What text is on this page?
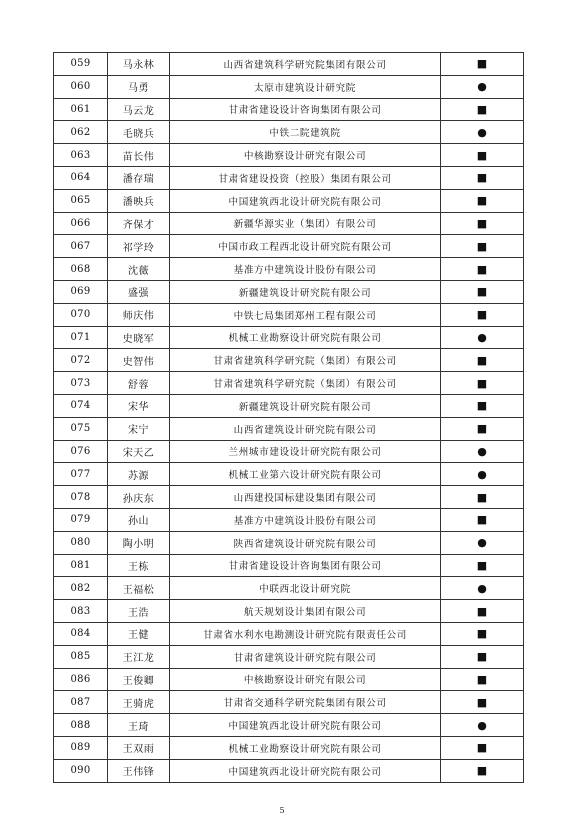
059	马永林	山西省建筑科学研究院集团有限公司	■
060	马勇	太原市建筑设计研究院	●
061	马云龙	甘肃省建设设计咨询集团有限公司	■
062	毛晓兵	中铁二院建筑院	●
063	苗长伟	中核勘察设计研究有限公司	■
064	潘存瑞	甘肃省建设投资（控股）集团有限公司	■
065	潘映兵	中国建筑西北设计研究院有限公司	■
066	齐保才	新疆华源实业（集团）有限公司	■
067	祁学玲	中国市政工程西北设计研究院有限公司	■
068	沈薇	基准方中建筑设计股份有限公司	■
069	盛强	新疆建筑设计研究院有限公司	■
070	师庆伟	中铁七局集团郑州工程有限公司	■
071	史晓军	机械工业勘察设计研究院有限公司	●
072	史智伟	甘肃省建筑科学研究院（集团）有限公司	■
073	舒蓉	甘肃省建筑科学研究院（集团）有限公司	■
074	宋华	新疆建筑设计研究院有限公司	■
075	宋宁	山西省建筑设计研究院有限公司	■
076	宋天乙	兰州城市建设设计研究院有限公司	●
077	苏源	机械工业第六设计研究院有限公司	●
078	孙庆东	山西建投国标建设集团有限公司	■
079	孙山	基准方中建筑设计股份有限公司	■
080	陶小明	陕西省建筑设计研究院有限公司	●
081	王栋	甘肃省建设设计咨询集团有限公司	■
082	王福松	中联西北设计研究院	●
083	王浩	航天规划设计集团有限公司	■
084	王健	甘肃省水利水电勘测设计研究院有限责任公司	■
085	王江龙	甘肃省建筑设计研究院有限公司	■
086	王俊卿	中核勘察设计研究有限公司	■
087	王骑虎	甘肃省交通科学研究院集团有限公司	■
088	王琦	中国建筑西北设计研究院有限公司	●
089	王双雨	机械工业勘察设计研究院有限公司	■
090	王伟锋	中国建筑西北设计研究院有限公司	■
5
